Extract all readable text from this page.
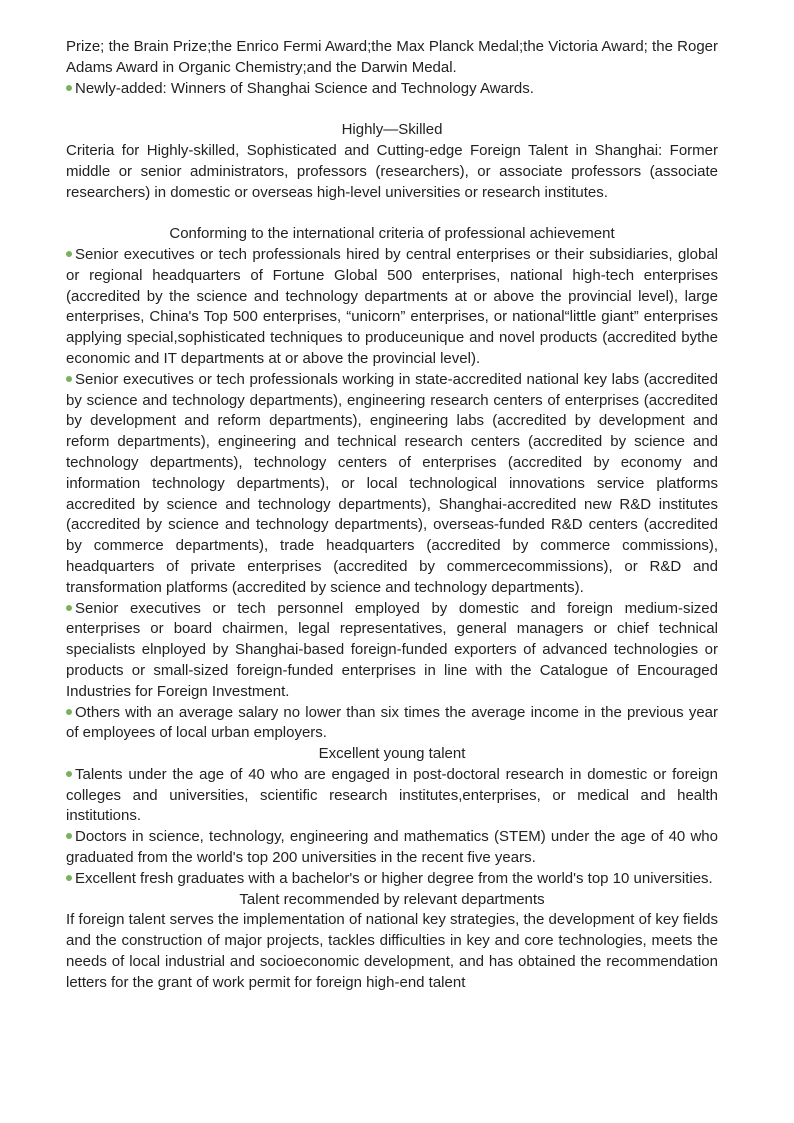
Prize; the Brain Prize;the Enrico Fermi Award;the Max Planck Medal;the Victoria Award; the Roger Adams Award in Organic Chemistry;and the Darwin Medal.

Newly-added: Winners of Shanghai Science and Technology Awards.

Highly—Skilled

Criteria for Highly-skilled, Sophisticated and Cutting-edge Foreign Talent in Shanghai: Former middle or senior administrators, professors (researchers), or associate professors (associate researchers) in domestic or overseas high-level universities or research institutes.

Conforming to the international criteria of professional achievement

Senior executives or tech professionals hired by central enterprises or their subsidiaries, global or regional headquarters of Fortune Global 500 enterprises, national high-tech enterprises (accredited by the science and technology departments at or above the provincial level), large enterprises, China's Top 500 enterprises, “unicorn” enterprises, or national“little giant” enterprises applying special,sophisticated techniques to produceunique and novel products (accredited bythe economic and IT departments at or above the provincial level).

Senior executives or tech professionals working in state-accredited national key labs (accredited by science and technology departments), engineering research centers of enterprises (accredited by development and reform departments), engineering labs (accredited by development and reform departments), engineering and technical research centers (accredited by science and technology departments), technology centers of enterprises (accredited by economy and information technology departments), or local technological innovations service platforms accredited by science and technology departments), Shanghai-accredited new R&D institutes (accredited by science and technology departments), overseas-funded R&D centers (accredited by commerce departments), trade headquarters (accredited by commerce commissions), headquarters of private enterprises (accredited by commercecommissions), or R&D and transformation platforms (accredited by science and technology departments).

Senior executives or tech personnel employed by domestic and foreign medium-sized enterprises or board chairmen, legal representatives, general managers or chief technical specialists elnployed by Shanghai-based foreign-funded exporters of advanced technologies or products or small-sized foreign-funded enterprises in line with the Catalogue of Encouraged Industries for Foreign Investment.

Others with an average salary no lower than six times the average income in the previous year of employees of local urban employers.

Excellent young talent

Talents under the age of 40 who are engaged in post-doctoral research in domestic or foreign colleges and universities, scientific research institutes,enterprises, or medical and health institutions.

Doctors in science, technology, engineering and mathematics (STEM) under the age of 40 who graduated from the world's top 200 universities in the recent five years.

Excellent fresh graduates with a bachelor's or higher degree from the world's top 10 universities.

Talent recommended by relevant departments

If foreign talent serves the implementation of national key strategies, the development of key fields and the construction of major projects, tackles difficulties in key and core technologies, meets the needs of local industrial and socioeconomic development, and has obtained the recommendation letters for the grant of work permit for foreign high-end talent
